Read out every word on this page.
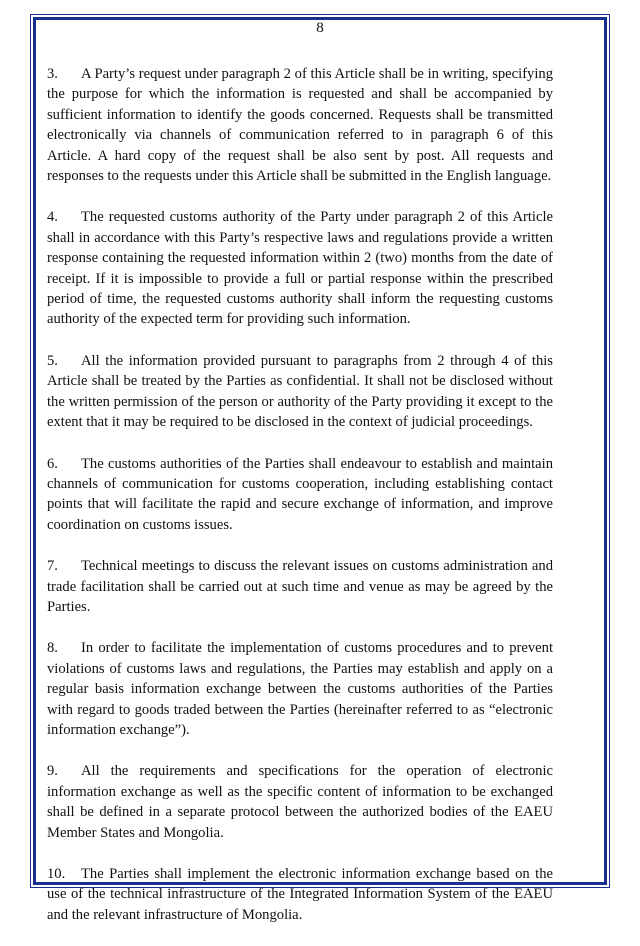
8

3. A Party’s request under paragraph 2 of this Article shall be in writing, specifying the purpose for which the information is requested and shall be accompanied by sufficient information to identify the goods concerned. Requests shall be transmitted electronically via channels of communication referred to in paragraph 6 of this Article. A hard copy of the request shall be also sent by post. All requests and responses to the requests under this Article shall be submitted in the English language.

4. The requested customs authority of the Party under paragraph 2 of this Article shall in accordance with this Party’s respective laws and regulations provide a written response containing the requested information within 2 (two) months from the date of receipt. If it is impossible to provide a full or partial response within the prescribed period of time, the requested customs authority shall inform the requesting customs authority of the expected term for providing such information.

5. All the information provided pursuant to paragraphs from 2 through 4 of this Article shall be treated by the Parties as confidential. It shall not be disclosed without the written permission of the person or authority of the Party providing it except to the extent that it may be required to be disclosed in the context of judicial proceedings.

6. The customs authorities of the Parties shall endeavour to establish and maintain channels of communication for customs cooperation, including establishing contact points that will facilitate the rapid and secure exchange of information, and improve coordination on customs issues.

7. Technical meetings to discuss the relevant issues on customs administration and trade facilitation shall be carried out at such time and venue as may be agreed by the Parties.

8. In order to facilitate the implementation of customs procedures and to prevent violations of customs laws and regulations, the Parties may establish and apply on a regular basis information exchange between the customs authorities of the Parties with regard to goods traded between the Parties (hereinafter referred to as “electronic information exchange”).

9. All the requirements and specifications for the operation of electronic information exchange as well as the specific content of information to be exchanged shall be defined in a separate protocol between the authorized bodies of the EAEU Member States and Mongolia.

10. The Parties shall implement the electronic information exchange based on the use of the technical infrastructure of the Integrated Information System of the EAEU and the relevant infrastructure of Mongolia.
